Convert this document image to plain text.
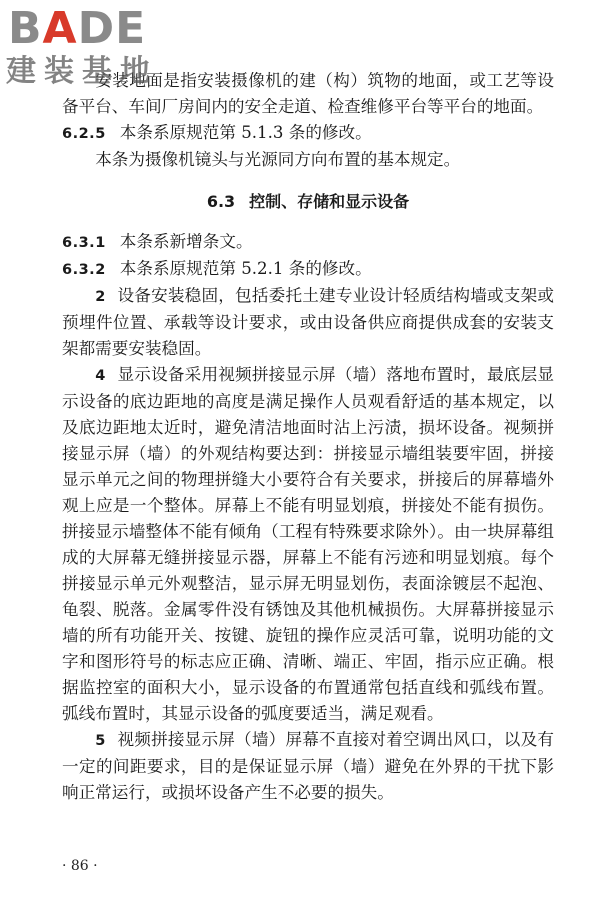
BADE
建装基地

安装地面是指安装摄像机的建（构）筑物的地面，或工艺等设备平台、车间厂房间内的安全走道、检查维修平台等平台的地面。

6.2.5 本条系原规范第 5.1.3 条的修改。

本条为摄像机镜头与光源同方向布置的基本规定。

6.3 控制、存储和显示设备

6.3.1 本条系新增条文。

6.3.2 本条系原规范第 5.2.1 条的修改。

2 设备安装稳固，包括委托土建专业设计轻质结构墙或支架或预埋件位置、承载等设计要求，或由设备供应商提供成套的安装支架都需要安装稳固。

4 显示设备采用视频拼接显示屏（墙）落地布置时，最底层显示设备的底边距地的高度是满足操作人员观看舒适的基本规定，以及底边距地太近时，避免清洁地面时沾上污渍，损坏设备。视频拼接显示屏（墙）的外观结构要达到：拼接显示墙组装要牢固，拼接显示单元之间的物理拼缝大小要符合有关要求，拼接后的屏幕墙外观上应是一个整体。屏幕上不能有明显划痕，拼接处不能有损伤。拼接显示墙整体不能有倾角（工程有特殊要求除外）。由一块屏幕组成的大屏幕无缝拼接显示器，屏幕上不能有污迹和明显划痕。每个拼接显示单元外观整洁，显示屏无明显划伤，表面涂镀层不起泡、龟裂、脱落。金属零件没有锈蚀及其他机械损伤。大屏幕拼接显示墙的所有功能开关、按键、旋钮的操作应灵活可靠，说明功能的文字和图形符号的标志应正确、清晰、端正、牢固，指示应正确。根据监控室的面积大小，显示设备的布置通常包括直线和弧线布置。弧线布置时，其显示设备的弧度要适当，满足观看。

5 视频拼接显示屏（墙）屏幕不直接对着空调出风口，以及有一定的间距要求，目的是保证显示屏（墙）避免在外界的干扰下影响正常运行，或损坏设备产生不必要的损失。

· 86 ·
